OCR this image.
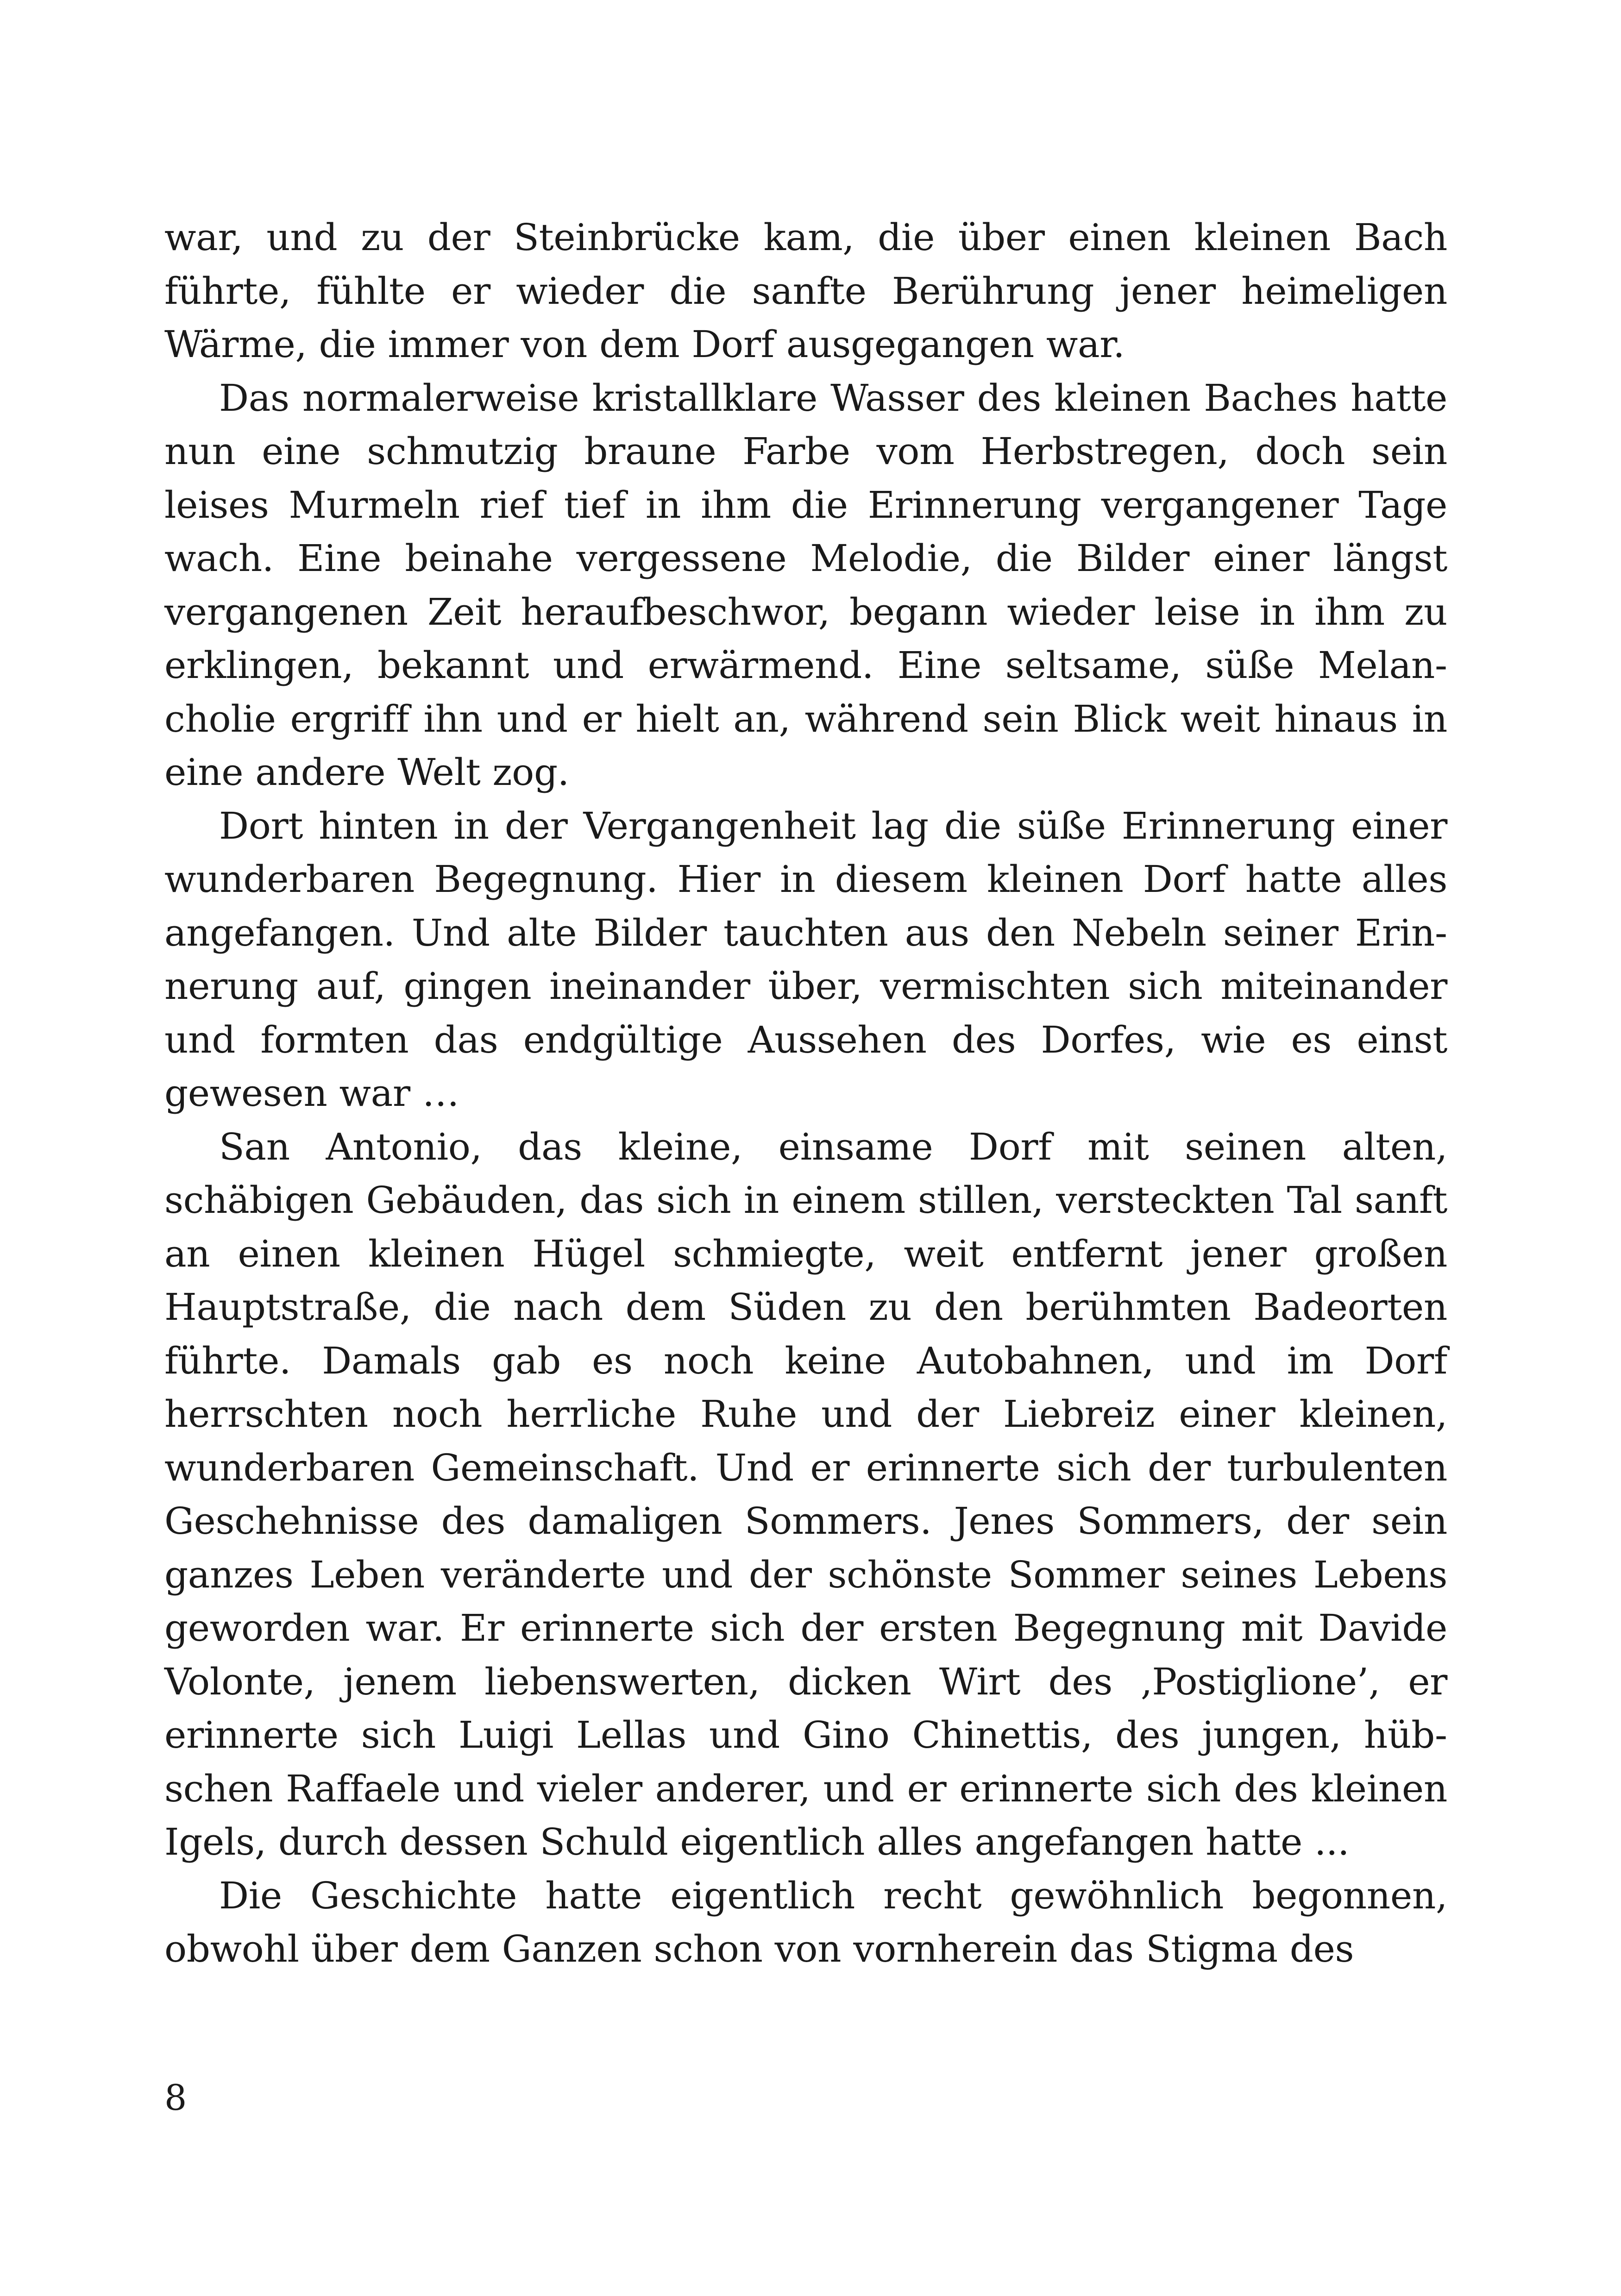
war, und zu der Steinbrücke kam, die über einen kleinen Bach führte, fühlte er wieder die sanfte Berührung jener heimeligen Wärme, die immer von dem Dorf ausgegangen war.

Das normalerweise kristallklare Wasser des kleinen Baches hatte nun eine schmutzig braune Farbe vom Herbstregen, doch sein leises Murmeln rief tief in ihm die Erinnerung vergangener Tage wach. Eine beinahe vergessene Melodie, die Bilder einer längst vergangenen Zeit heraufbeschwor, begann wieder leise in ihm zu erklingen, bekannt und erwärmend. Eine seltsame, süße Melancholie ergriff ihn und er hielt an, während sein Blick weit hinaus in eine andere Welt zog.

Dort hinten in der Vergangenheit lag die süße Erinnerung einer wunderbaren Begegnung. Hier in diesem kleinen Dorf hatte alles angefangen. Und alte Bilder tauchten aus den Nebeln seiner Erinnerung auf, gingen ineinander über, vermischten sich miteinander und formten das endgültige Aussehen des Dorfes, wie es einst gewesen war …

San Antonio, das kleine, einsame Dorf mit seinen alten, schäbigen Gebäuden, das sich in einem stillen, versteckten Tal sanft an einen kleinen Hügel schmiegte, weit entfernt jener großen Hauptstraße, die nach dem Süden zu den berühmten Badeorten führte. Damals gab es noch keine Autobahnen, und im Dorf herrschten noch herrliche Ruhe und der Liebreiz einer kleinen, wunderbaren Gemeinschaft. Und er erinnerte sich der turbulenten Geschehnisse des damaligen Sommers. Jenes Sommers, der sein ganzes Leben veränderte und der schönste Sommer seines Lebens geworden war. Er erinnerte sich der ersten Begegnung mit Davide Volonte, jenem liebenswerten, dicken Wirt des ‚Postiglione’, er erinnerte sich Luigi Lellas und Gino Chinettis, des jungen, hübschen Raffaele und vieler anderer, und er erinnerte sich des kleinen Igels, durch dessen Schuld eigentlich alles angefangen hatte ...

Die Geschichte hatte eigentlich recht gewöhnlich begonnen, obwohl über dem Ganzen schon von vornherein das Stigma des

8
